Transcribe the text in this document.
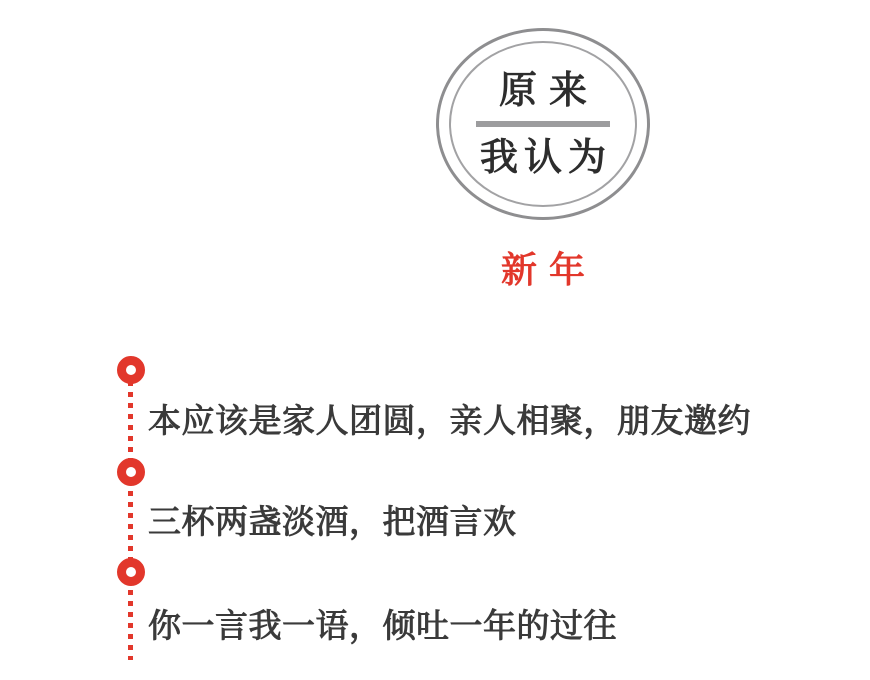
原来
我认为
新年
本应该是家人团圆，亲人相聚，朋友邀约
三杯两盏淡酒，把酒言欢
你一言我一语，倾吐一年的过往
